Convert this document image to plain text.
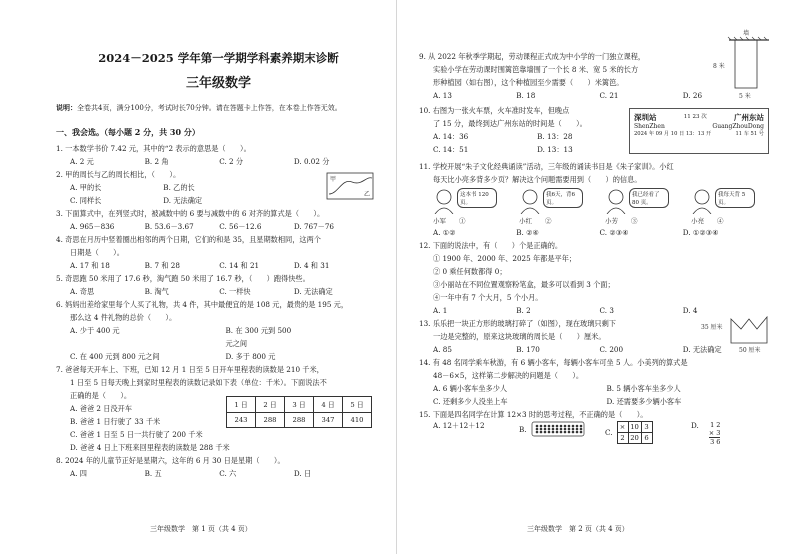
2024－2025 学年第一学期学科素养期末诊断
三年级数学
说明：全卷共4页，满分100分，考试时长70分钟。请在答题卡上作答，在本卷上作答无效。
一、我会选。（每小题 2 分，共 30 分）
1. 一本数学书价 7.42 元，其中的“2 表示的意思是（　　）。
A. 2 元	B. 2 角	C. 2 分	D. 0.02 分
2. 甲的周长与乙的周长相比，（　　）。
A. 甲的长	B. 乙的长
C. 同样长	D. 无法确定
甲
乙
3. 下面算式中，在列竖式时，被减数中的 6 要与减数中的 6 对齐的算式是（　　）。
A. 965－836	B. 53.6－3.67	C. 56－12.6	D. 767－76
4. 奇思在月历中竖着圈出相邻的两个日期，它们的和是 35，且星期数相同，这两个
日期是（　　）。
A. 17 和 18	B. 7 和 28	C. 14 和 21	D. 4 和 31
5. 奇思跑 50 米用了 17.6 秒，淘气跑 50 米用了 16.7 秒，（　　）跑得快些。
A. 奇思	B. 淘气	C. 一样快	D. 无法确定
6. 妈妈出差给家里每个人买了礼物，共 4 件，其中最便宜的是 108 元，最贵的是 195 元，
那么这 4 件礼物的总价（　　）。
A. 少于 400 元	B. 在 300 元到 500 元之间
C. 在 400 元到 800 元之间	D. 多于 800 元
7. 爸爸每天开车上、下班，已知 12 月 1 日至 5 日开车里程表的读数是 210 千米，
1 日至 5 日每天晚上到家时里程表的读数记录如下表（单位：千米）。下面说法不
正确的是（　　）。
A. 爸爸 2 日没开车
B. 爸爸 1 日行驶了 33 千米
1 日	2 日	3 日	4 日	5 日
243	288	288	347	410
C. 爸爸 1 日至 5 日一共行驶了 200 千米
D. 爸爸 4 日上下班来回里程表的读数是 288 千米
8. 2024 年的儿童节正好是星期六，这年的 6 月 30 日是星期（　　）。
A. 四	B. 五	C. 六	D. 日
三年级数学　第 1 页（共 4 页）
9. 从 2022 年秋季学期起，劳动课程正式成为中小学的一门独立课程，
实验小学在劳动课时围篱笆靠墙围了一个长 8 米、宽 5 米的长方
形种植园（如右图），这个种植园至少需要（　　）米篱笆。
A. 13	B. 18	C. 21	D. 26
墙
8 米
5 米
10. 右图为一张火车票，火车准时发车，但晚点
了 15 分，最终到达广州东站的时间是（　　）。
A. 14：36	B. 13：28
C. 14：51	D. 13：13
深圳站	11 23 次	广州东站
ShenZhen	GuangZhouDong
2024 年 09 月 10 日 13：13 开	11 车 51 号
11. 学校开展“朱子文化经典诵读”活动，三年级的诵读书目是《朱子家训》。小红
每天比小亮多背多少页？解决这个问题需要用到（　　）的信息。
这本书 120 页。
小军　　 ①
我6天，背6页。
小红　　 ②
我已经看了 80 页。
小芳　　 ③
我每天背 5 页。
小亮　　 ④
A. ①②	B. ②④	C. ②③④	D. ①②③④
12. 下面的说法中，有（　　）个是正确的。
① 1900 年、2000 年、2025 年都是平年；
② 0 乘任何数都得 0；
③小丽站在不同位置观察粉笔盒，最多可以看到 3 个面；
④一年中有 7 个大月，5 个小月。
A. 1	B. 2	C. 3	D. 4
13. 乐乐把一块正方形的玻璃打碎了（如图），现在玻璃只剩下
一边是完整的，原来这块玻璃的周长是（　　）厘米。
A. 85	B. 170	C. 200	D. 无法确定
35 厘米
50 厘米
14. 有 48 名同学乘车秋游，有 6 辆小客车，每辆小客车可坐 5 人。小美列的算式是
48－6×5，这样第二步解决的问题是（　　）。
A. 6 辆小客车坐多少人	B. 5 辆小客车坐多少人
C. 还剩多少人没坐上车	D. 还需要多少辆小客车
15. 下面是四名同学在计算 12×3 时的思考过程，不正确的是（　　）。
A. 12＋12＋12	B.	C.
×	10	3
2	20	6
D. 1 2
× 3
3 6
三年级数学　第 2 页（共 4 页）
